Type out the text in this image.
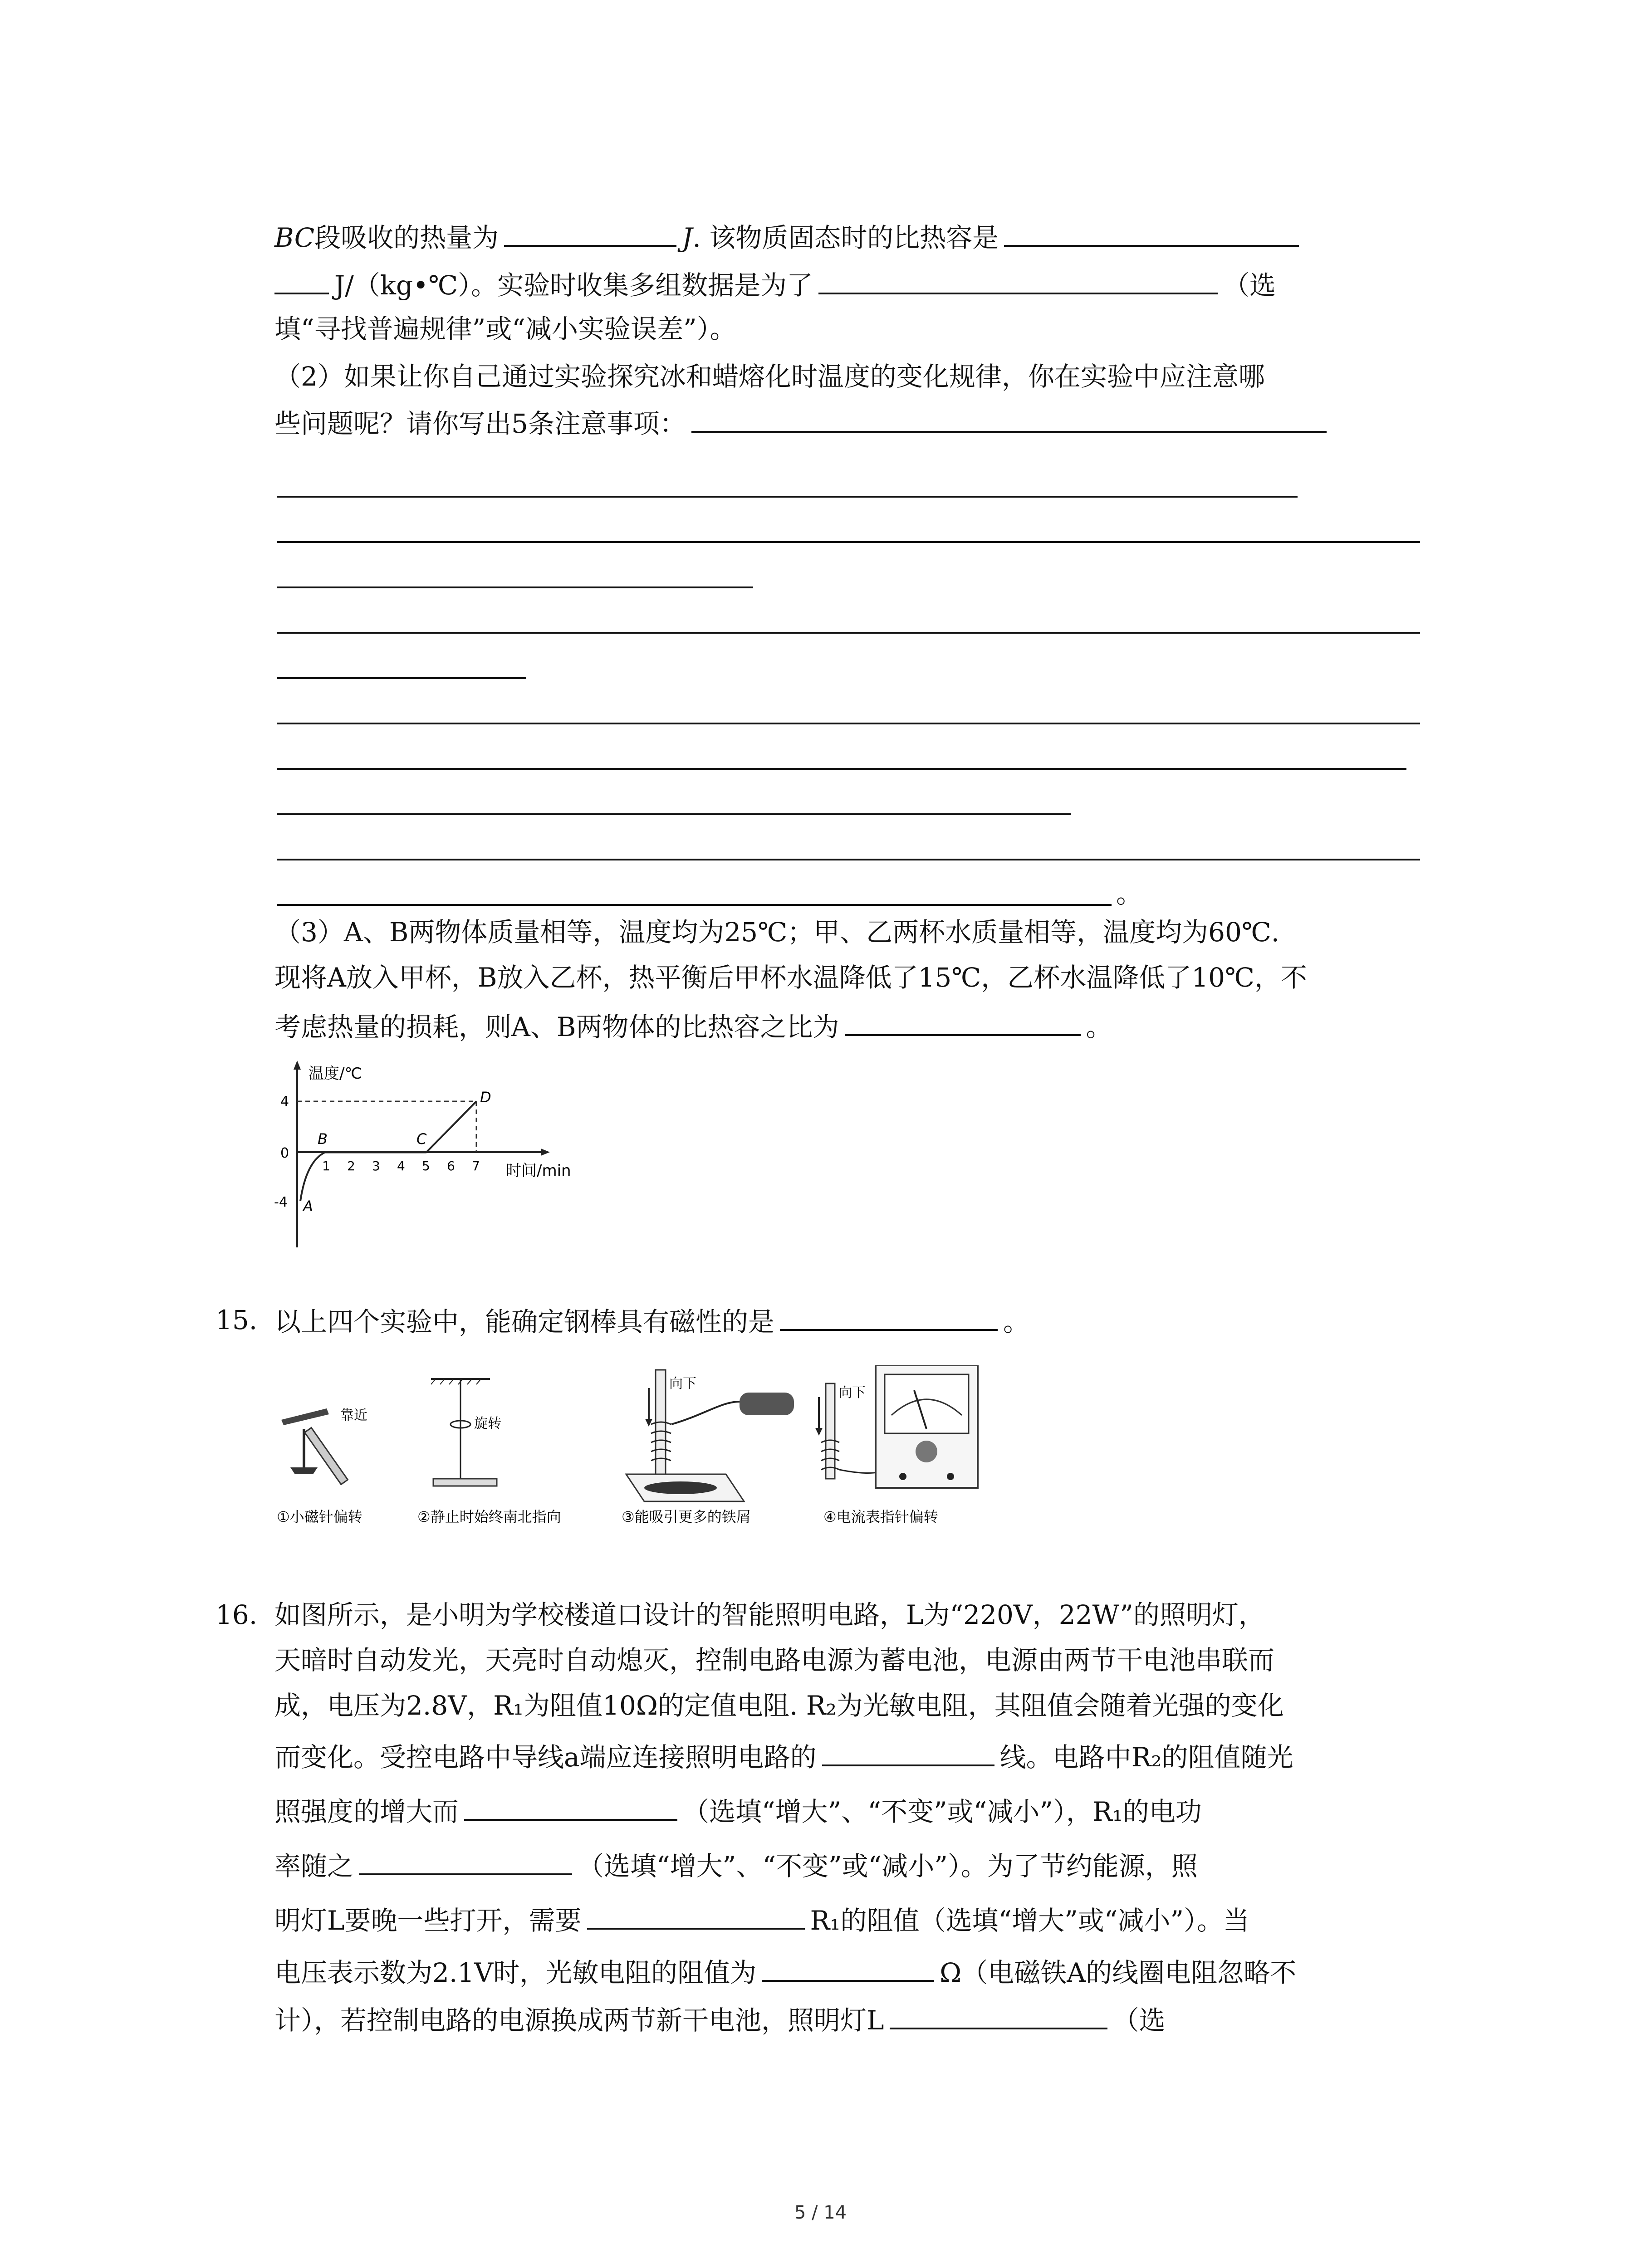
BC段吸收的热量为	J. 该物质固态时的比热容是
J/（kg•℃）。实验时收集多组数据是为了	（选
填“寻找普遍规律”或“减小实验误差”）。
（2）如果让你自己通过实验探究冰和蜡熔化时温度的变化规律，你在实验中应注意哪
些问题呢？请你写出5条注意事项：
。
（3）A、B两物体质量相等，温度均为25℃；甲、乙两杯水质量相等，温度均为60℃.
现将A放入甲杯，B放入乙杯，热平衡后甲杯水温降低了15℃，乙杯水温降低了10℃，不
考虑热量的损耗，则A、B两物体的比热容之比为	。
温度/℃
时间/min
4
0
-4
1 2 3 4 5 6 7
A
B	C
D
15. 以上四个实验中，能确定钢棒具有磁性的是	。
靠近
①小磁针偏转
旋转
②静止时始终南北指向
向下
③能吸引更多的铁屑
向下
④电流表指针偏转
16. 如图所示，是小明为学校楼道口设计的智能照明电路，L为“220V，22W”的照明灯，
天暗时自动发光，天亮时自动熄灭，控制电路电源为蓄电池，电源由两节干电池串联而
成，电压为2.8V，R₁为阻值10Ω的定值电阻. R₂为光敏电阻，其阻值会随着光强的变化
而变化。受控电路中导线a端应连接照明电路的	线。电路中R₂的阻值随光
照强度的增大而	（选填“增大”、“不变”或“减小”），R₁的电功
率随之	（选填“增大”、“不变”或“减小”）。为了节约能源，照
明灯L要晚一些打开，需要	R₁的阻值（选填“增大”或“减小”）。当
电压表示数为2.1V时，光敏电阻的阻值为	Ω（电磁铁A的线圈电阻忽略不
计），若控制电路的电源换成两节新干电池，照明灯L	（选
5 / 14
